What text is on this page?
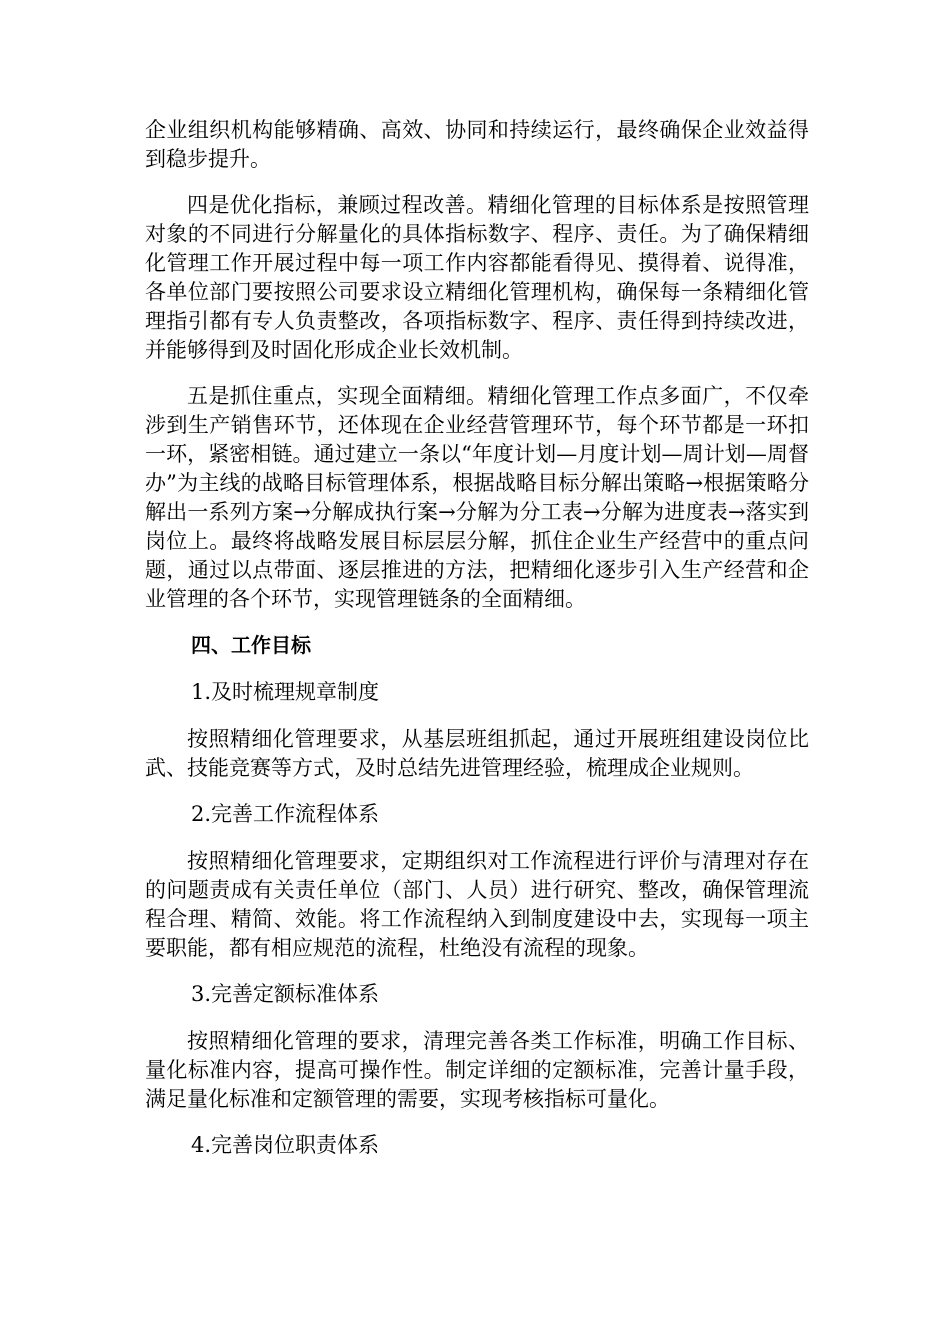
企业组织机构能够精确、高效、协同和持续运行，最终确保企业效益得到稳步提升。

四是优化指标，兼顾过程改善。精细化管理的目标体系是按照管理对象的不同进行分解量化的具体指标数字、程序、责任。为了确保精细化管理工作开展过程中每一项工作内容都能看得见、摸得着、说得准，各单位部门要按照公司要求设立精细化管理机构，确保每一条精细化管理指引都有专人负责整改，各项指标数字、程序、责任得到持续改进，并能够得到及时固化形成企业长效机制。

五是抓住重点，实现全面精细。精细化管理工作点多面广，不仅牵涉到生产销售环节，还体现在企业经营管理环节，每个环节都是一环扣一环，紧密相链。通过建立一条以“年度计划—月度计划—周计划—周督办”为主线的战略目标管理体系，根据战略目标分解出策略→根据策略分解出一系列方案→分解成执行案→分解为分工表→分解为进度表→落实到岗位上。最终将战略发展目标层层分解，抓住企业生产经营中的重点问题，通过以点带面、逐层推进的方法，把精细化逐步引入生产经营和企业管理的各个环节，实现管理链条的全面精细。

四、工作目标

1.及时梳理规章制度

按照精细化管理要求，从基层班组抓起，通过开展班组建设岗位比武、技能竞赛等方式，及时总结先进管理经验，梳理成企业规则。

2.完善工作流程体系

按照精细化管理要求，定期组织对工作流程进行评价与清理对存在的问题责成有关责任单位（部门、人员）进行研究、整改，确保管理流程合理、精简、效能。将工作流程纳入到制度建设中去，实现每一项主要职能，都有相应规范的流程，杜绝没有流程的现象。

3.完善定额标准体系

按照精细化管理的要求，清理完善各类工作标准，明确工作目标、量化标准内容，提高可操作性。制定详细的定额标准，完善计量手段，满足量化标准和定额管理的需要，实现考核指标可量化。

4.完善岗位职责体系
